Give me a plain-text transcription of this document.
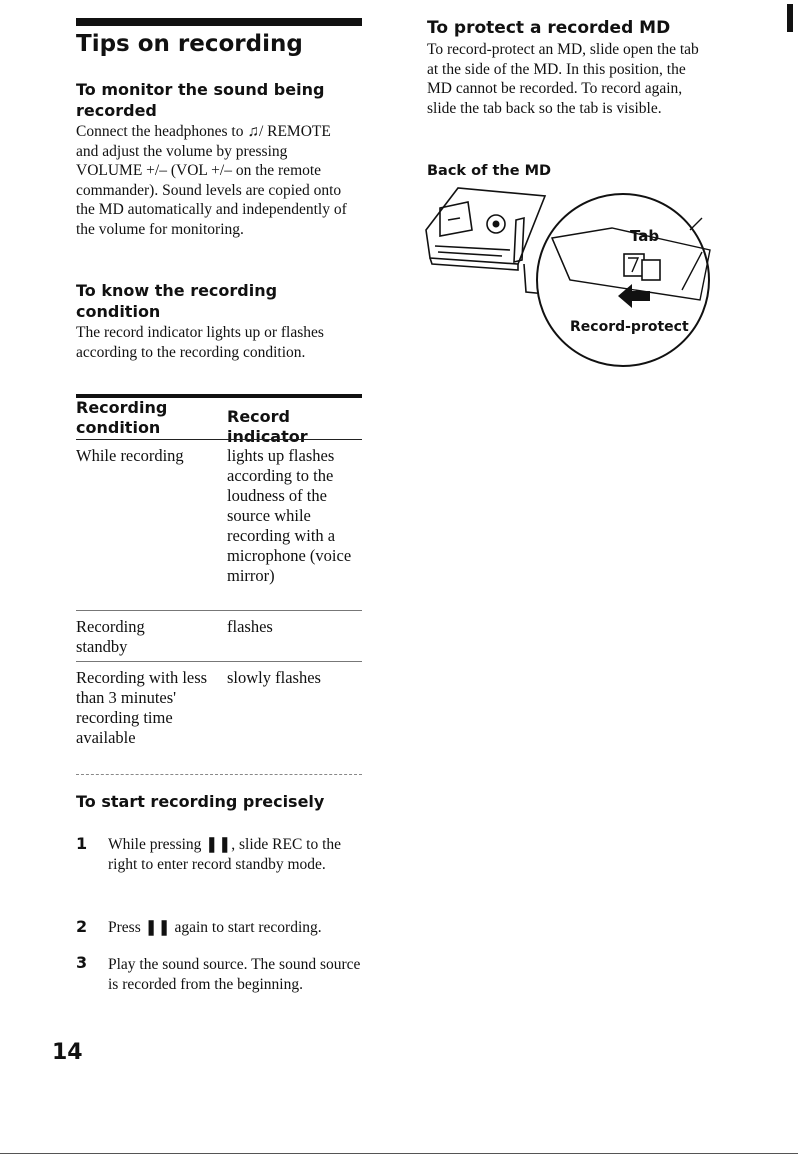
Tips on recording
To monitor the sound being recorded
Connect the headphones to ♫/ REMOTE and adjust the volume by pressing VOLUME +/– (VOL +/– on the remote commander). Sound levels are copied onto the MD automatically and independently of the volume for monitoring.
To know the recording condition
The record indicator lights up or flashes according to the recording condition.
Recording condition
Record indicator
While recording	lights up flashes according to the loudness of the source while recording with a microphone (voice mirror)
Recording standby
flashes
Recording with less than 3 minutes' recording time available
slowly flashes
To start recording precisely
1 While pressing ❚❚, slide REC to the right to enter record standby mode.
2 Press ❚❚ again to start recording.
3 Play the sound source. The sound source is recorded from the beginning.
14
To protect a recorded MD
To record-protect an MD, slide open the tab at the side of the MD. In this position, the MD cannot be recorded. To record again, slide the tab back so the tab is visible.
Back of the MD
Tab
Record-protect
